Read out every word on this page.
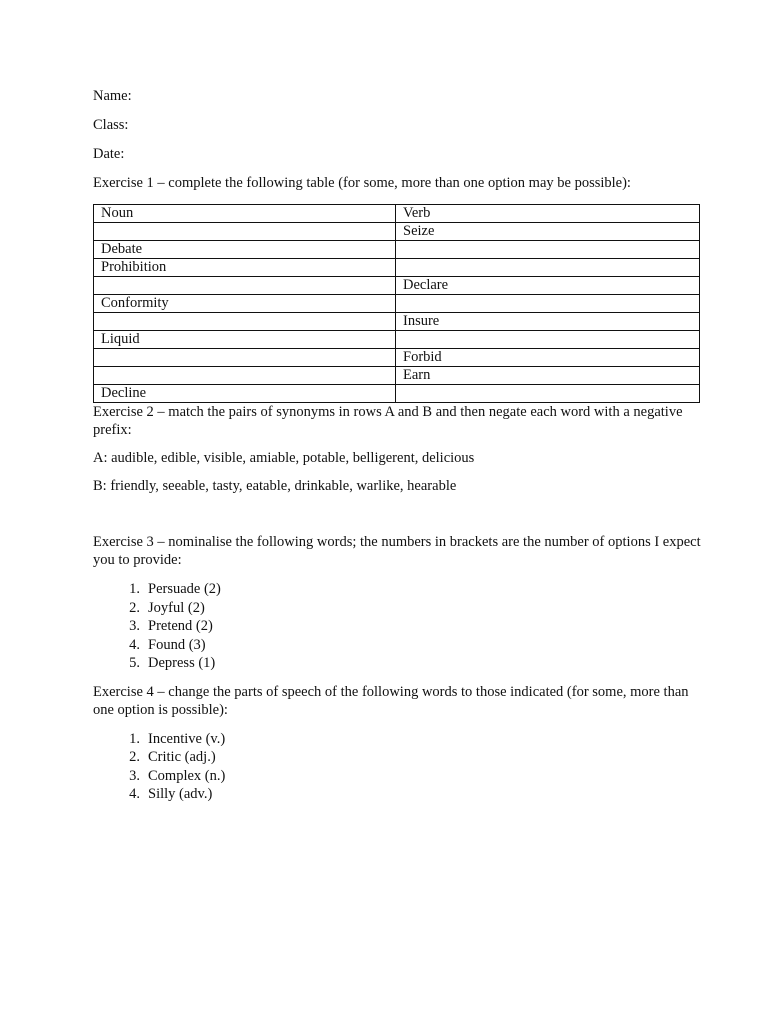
Name:

Class:

Date:

Exercise 1 – complete the following table (for some, more than one option may be possible):

Noun	Verb
	Seize
Debate	
Prohibition	
	Declare
Conformity	
	Insure
Liquid	
	Forbid
	Earn
Decline	

Exercise 2 – match the pairs of synonyms in rows A and B and then negate each word with a negative prefix:

A: audible, edible, visible, amiable, potable, belligerent, delicious

B: friendly, seeable, tasty, eatable, drinkable, warlike, hearable

Exercise 3 – nominalise the following words; the numbers in brackets are the number of options I expect you to provide:

1. Persuade (2)
2. Joyful (2)
3. Pretend (2)
4. Found (3)
5. Depress (1)

Exercise 4 – change the parts of speech of the following words to those indicated (for some, more than one option is possible):

1. Incentive (v.)
2. Critic (adj.)
3. Complex (n.)
4. Silly (adv.)
